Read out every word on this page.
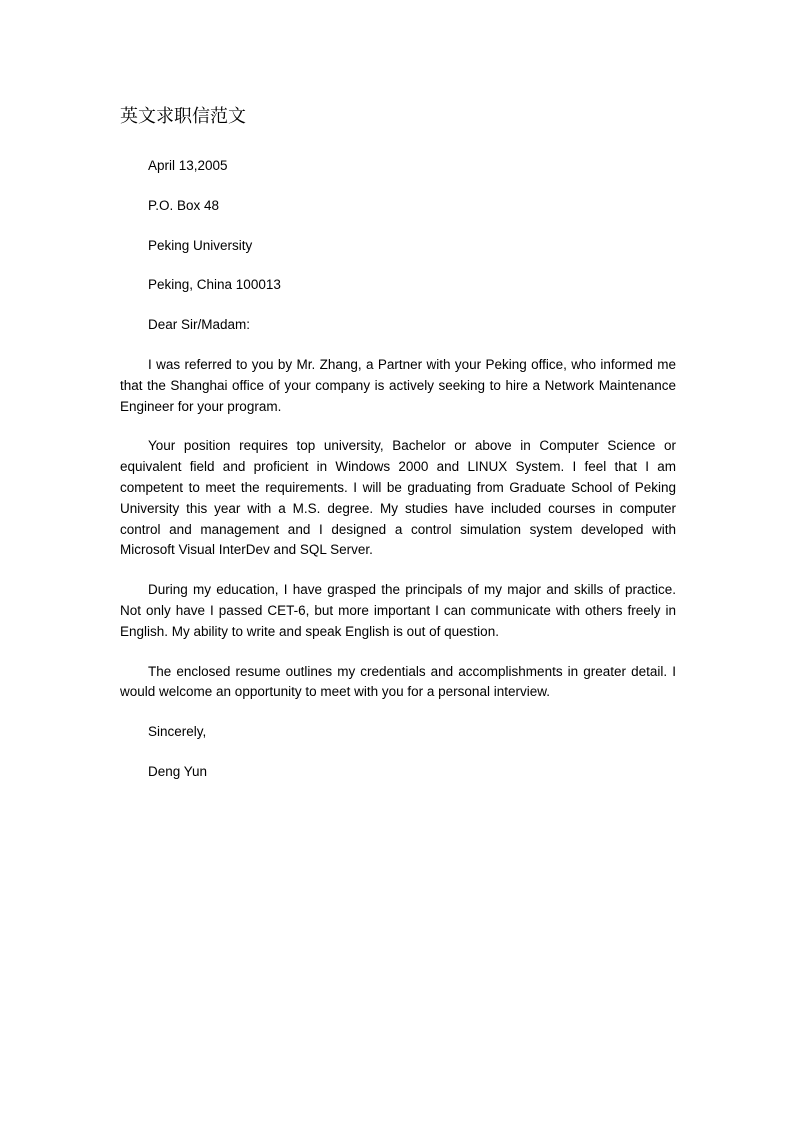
英文求职信范文
April 13,2005
P.O. Box 48
Peking University
Peking, China 100013
Dear Sir/Madam:

I was referred to you by Mr. Zhang, a Partner with your Peking office, who informed me that the Shanghai office of your company is actively seeking to hire a Network Maintenance Engineer for your program.

Your position requires top university, Bachelor or above in Computer Science or equivalent field and proficient in Windows 2000 and LINUX System. I feel that I am competent to meet the requirements. I will be graduating from Graduate School of Peking University this year with a M.S. degree. My studies have included courses in computer control and management and I designed a control simulation system developed with Microsoft Visual InterDev and SQL Server.

During my education, I have grasped the principals of my major and skills of practice. Not only have I passed CET-6, but more important I can communicate with others freely in English. My ability to write and speak English is out of question.

The enclosed resume outlines my credentials and accomplishments in greater detail. I would welcome an opportunity to meet with you for a personal interview.

Sincerely,
Deng Yun
